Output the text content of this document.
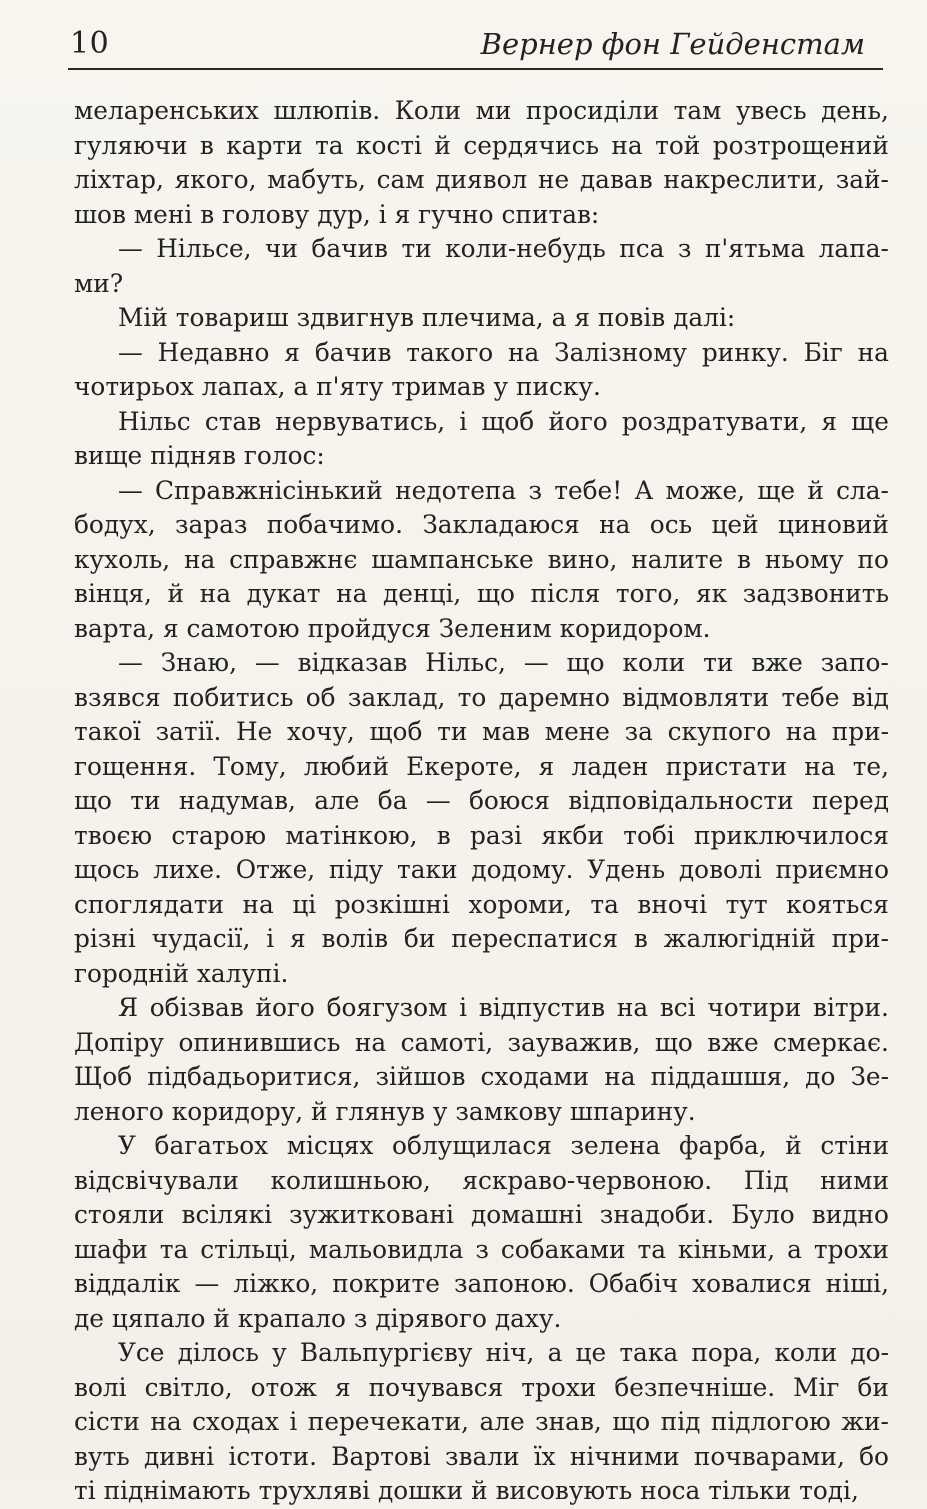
10	Вернер фон Гейденстам
меларенських шлюпів. Коли ми просиділи там увесь день,
гуляючи в карти та кості й сердячись на той розтрощений
ліхтар, якого, мабуть, сам диявол не давав накреслити, зай-
шов мені в голову дур, і я гучно спитав:
— Нільсе, чи бачив ти коли-небудь пса з п'ятьма лапа-
ми?
Мій товариш здвигнув плечима, а я повів далі:
— Недавно я бачив такого на Залізному ринку. Біг на
чотирьох лапах, а п'яту тримав у писку.
Нільс став нервуватись, і щоб його роздратувати, я ще
вище підняв голос:
— Справжнісінький недотепа з тебе! А може, ще й сла-
бодух, зараз побачимо. Закладаюся на ось цей циновий
кухоль, на справжнє шампанське вино, налите в ньому по
вінця, й на дукат на денці, що після того, як задзвонить
варта, я самотою пройдуся Зеленим коридором.
— Знаю, — відказав Нільс, — що коли ти вже запо-
взявся побитись об заклад, то даремно відмовляти тебе від
такої затії. Не хочу, щоб ти мав мене за скупого на при-
гощення. Тому, любий Екероте, я ладен пристати на те,
що ти надумав, але ба — боюся відповідальности перед
твоєю старою матінкою, в разі якби тобі приключилося
щось лихе. Отже, піду таки додому. Удень доволі приємно
споглядати на ці розкішні хороми, та вночі тут кояться
різні чудасії, і я волів би переспатися в жалюгідній при-
городній халупі.
Я обізвав його боягузом і відпустив на всі чотири вітри.
Допіру опинившись на самоті, зауважив, що вже смеркає.
Щоб підбадьоритися, зійшов сходами на піддашшя, до Зе-
леного коридору, й глянув у замкову шпарину.
У багатьох місцях облущилася зелена фарба, й стіни
відсвічували колишньою, яскраво-червоною. Під ними
стояли всілякі зужитковані домашні знадоби. Було видно
шафи та стільці, мальовидла з собаками та кіньми, а трохи
віддалік — ліжко, покрите запоною. Обабіч ховалися ніші,
де цяпало й крапало з дірявого даху.
Усе ділось у Вальпургієву ніч, а це така пора, коли до-
волі світло, отож я почувався трохи безпечніше. Міг би
сісти на сходах і перечекати, але знав, що під підлогою жи-
вуть дивні істоти. Вартові звали їх нічними почварами, бо
ті піднімають трухляві дошки й висовують носа тільки тоді,
